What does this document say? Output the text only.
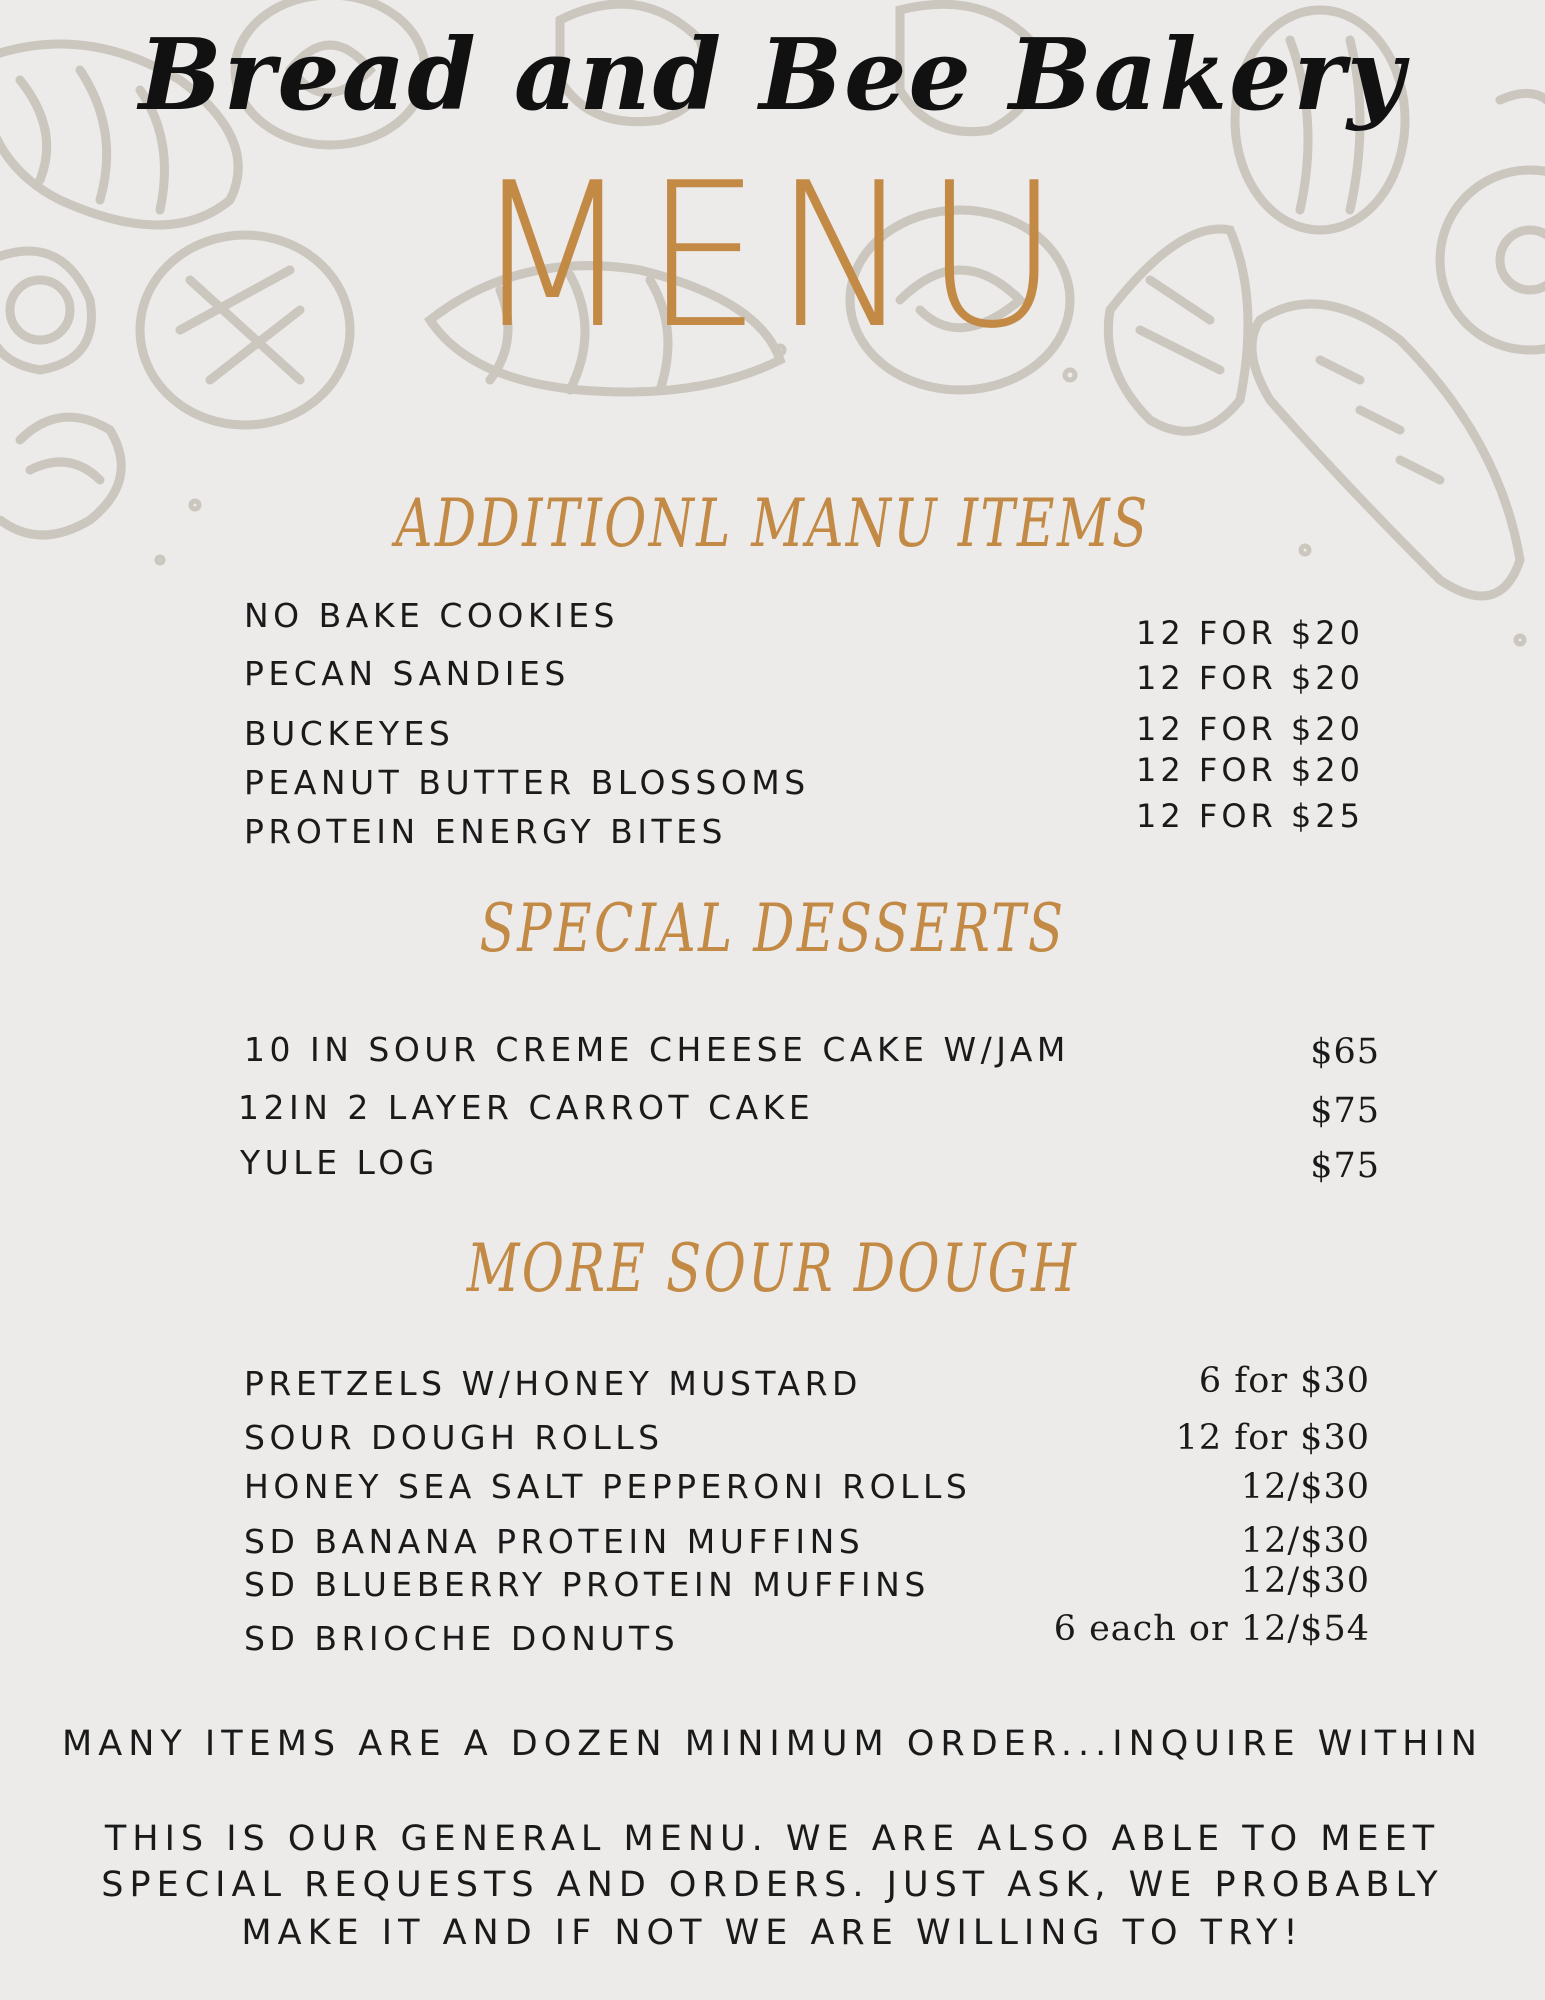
Bread and Bee Bakery
MENU
ADDITIONL MANU ITEMS
NO BAKE COOKIES
PECAN SANDIES
BUCKEYES
PEANUT BUTTER BLOSSOMS
PROTEIN ENERGY BITES
12 FOR $20
12 FOR $20
12 FOR $20
12 FOR $20
12 FOR $25
SPECIAL DESSERTS
10 IN SOUR CREME CHEESE CAKE W/JAM
12IN 2 LAYER CARROT CAKE
YULE LOG
$65
$75
$75
MORE SOUR DOUGH
PRETZELS W/HONEY MUSTARD
SOUR DOUGH ROLLS
HONEY SEA SALT PEPPERONI ROLLS
SD BANANA PROTEIN MUFFINS
SD BLUEBERRY PROTEIN MUFFINS
SD BRIOCHE DONUTS
6 for $30
12 for $30
12/$30
12/$30
12/$30
6 each or 12/$54
MANY ITEMS ARE A DOZEN MINIMUM ORDER...INQUIRE WITHIN
THIS IS OUR GENERAL MENU. WE ARE ALSO ABLE TO MEET
SPECIAL REQUESTS AND ORDERS. JUST ASK, WE PROBABLY
MAKE IT AND IF NOT WE ARE WILLING TO TRY!
